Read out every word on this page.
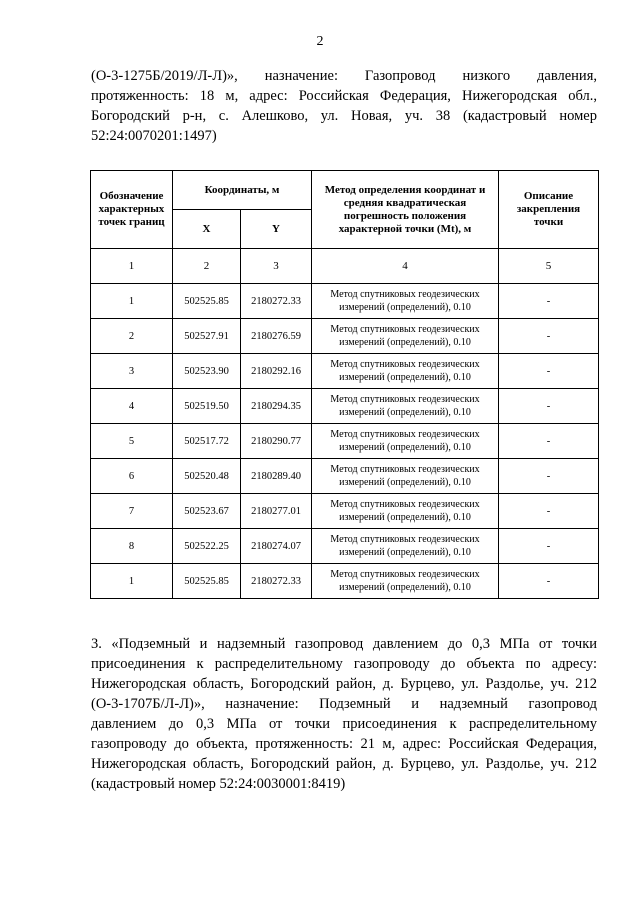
2

(О-3-1275Б/2019/Л-Л)», назначение: Газопровод низкого давления,

протяженность: 18 м, адрес: Российская Федерация, Нижегородская обл.,

Богородский р-н, с. Алешково, ул. Новая, уч. 38 (кадастровый номер

52:24:0070201:1497)

Обозначение характерных точек границ	Координаты, м		Метод определения координат и средняя квадратическая погрешность положения характерной точки (Mt), м	Описание закрепления точки
	X	Y		
1	2	3	4	5
1	502525.85	2180272.33	Метод спутниковых геодезических измерений (определений), 0.10	-
2	502527.91	2180276.59	Метод спутниковых геодезических измерений (определений), 0.10	-
3	502523.90	2180292.16	Метод спутниковых геодезических измерений (определений), 0.10	-
4	502519.50	2180294.35	Метод спутниковых геодезических измерений (определений), 0.10	-
5	502517.72	2180290.77	Метод спутниковых геодезических измерений (определений), 0.10	-
6	502520.48	2180289.40	Метод спутниковых геодезических измерений (определений), 0.10	-
7	502523.67	2180277.01	Метод спутниковых геодезических измерений (определений), 0.10	-
8	502522.25	2180274.07	Метод спутниковых геодезических измерений (определений), 0.10	-
1	502525.85	2180272.33	Метод спутниковых геодезических измерений (определений), 0.10	-

3. «Подземный и надземный газопровод давлением до 0,3 МПа от точки

присоединения к распределительному газопроводу до объекта по адресу:

Нижегородская область, Богородский район, д. Бурцево, ул. Раздолье, уч. 212

(О-3-1707Б/Л-Л)», назначение: Подземный и надземный газопровод

давлением до 0,3 МПа от точки присоединения к распределительному

газопроводу до объекта, протяженность: 21 м, адрес: Российская Федерация,

Нижегородская область, Богородский район, д. Бурцево, ул. Раздолье, уч. 212

(кадастровый номер 52:24:0030001:8419)
